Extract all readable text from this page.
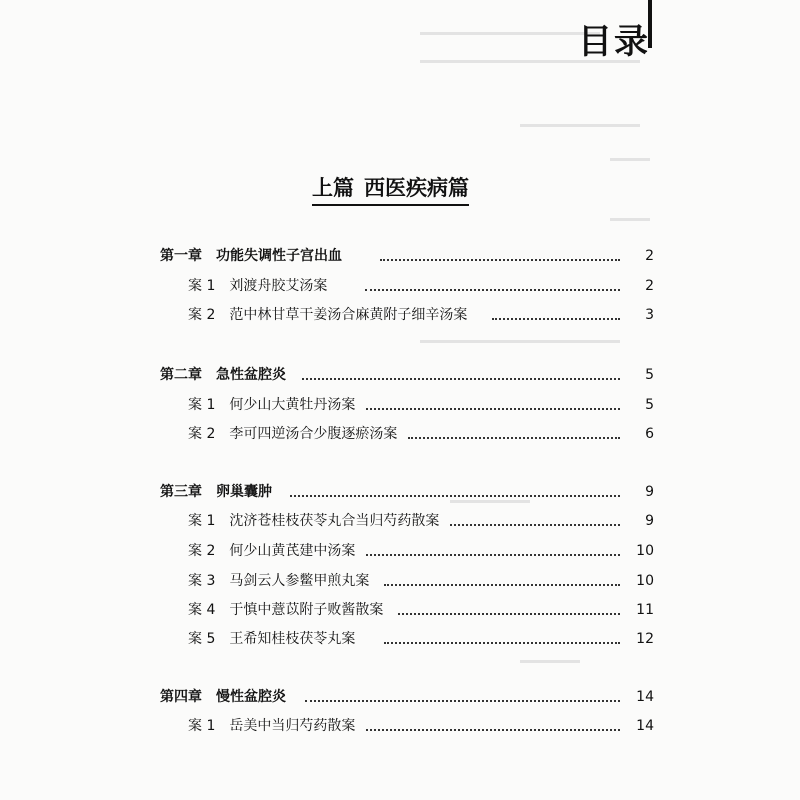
目录
上篇 西医疾病篇
第一章 功能失调性子宫出血	2
案 1 刘渡舟胶艾汤案	2
案 2 范中林甘草干姜汤合麻黄附子细辛汤案	3
第二章 急性盆腔炎	5
案 1 何少山大黄牡丹汤案	5
案 2 李可四逆汤合少腹逐瘀汤案	6
第三章 卵巢囊肿	9
案 1 沈济苍桂枝茯苓丸合当归芍药散案	9
案 2 何少山黄芪建中汤案	10
案 3 马剑云人参鳖甲煎丸案	10
案 4 于慎中薏苡附子败酱散案	11
案 5 王希知桂枝茯苓丸案	12
第四章 慢性盆腔炎	14
案 1 岳美中当归芍药散案	14
